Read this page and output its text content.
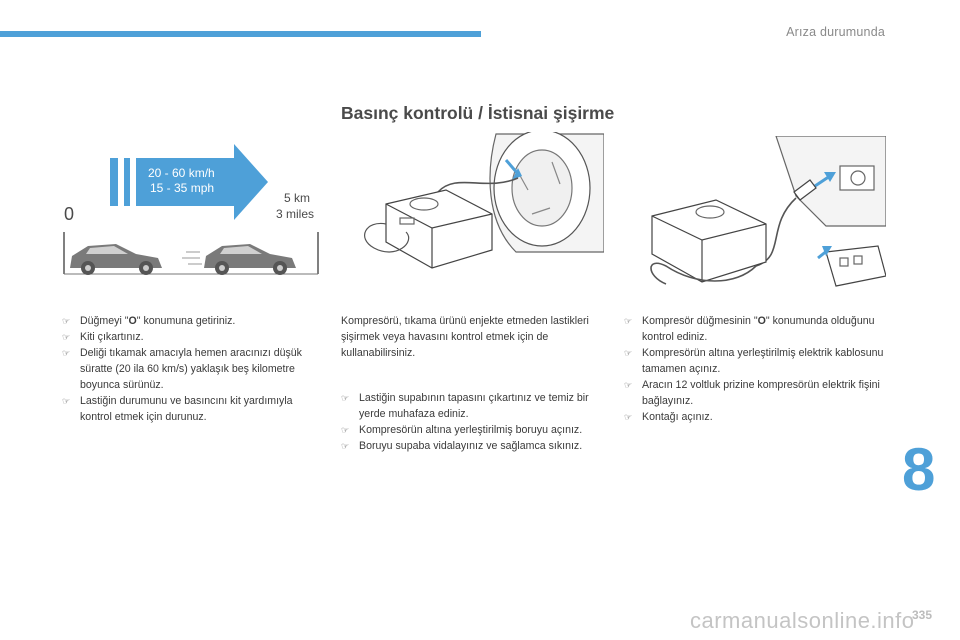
Arıza durumunda
Basınç kontrolü / İstisnai şişirme
20 - 60 km/h
15 - 35 mph
0
5 km
3 miles
☞ Düğmeyi "O" konumuna getiriniz.
☞ Kiti çıkartınız.
☞ Deliği tıkamak amacıyla hemen aracınızı düşük süratte (20 ila 60 km/s) yaklaşık beş kilometre boyunca sürünüz.
☞ Lastiğin durumunu ve basıncını kit yardımıyla kontrol etmek için durunuz.

Kompresörü, tıkama ürünü enjekte etmeden lastikleri şişirmek veya havasını kontrol etmek için de kullanabilirsiniz.

☞ Lastiğin supabının tapasını çıkartınız ve temiz bir yerde muhafaza ediniz.
☞ Kompresörün altına yerleştirilmiş boruyu açınız.
☞ Boruyu supaba vidalayınız ve sağlamca sıkınız.
☞ Kompresör düğmesinin "O" konumunda olduğunu kontrol ediniz.
☞ Kompresörün altına yerleştirilmiş elektrik kablosunu tamamen açınız.
☞ Aracın 12 voltluk prizine kompresörün elektrik fişini bağlayınız.
☞ Kontağı açınız.
8
carmanualsonline.info
335
